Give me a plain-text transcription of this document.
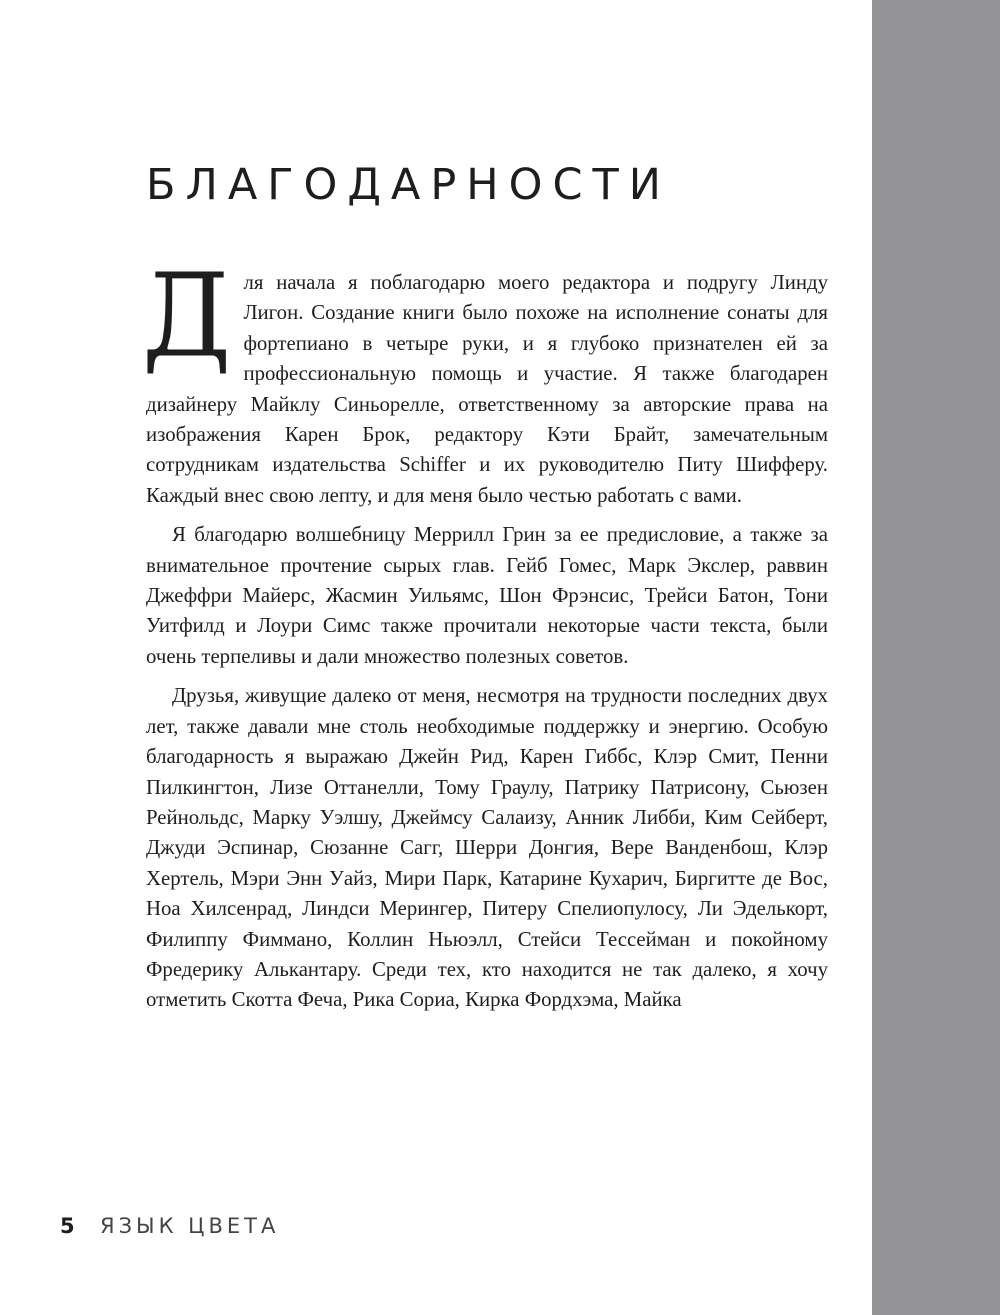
БЛАГОДАРНОСТИ

Для начала я поблагодарю моего редактора и подругу Линду Лигон. Создание книги было похоже на исполнение сонаты для фортепиано в четыре руки, и я глубоко признателен ей за профессиональную помощь и участие. Я также благодарен дизайнеру Майклу Синьорелле, ответственному за авторские права на изображения Карен Брок, редактору Кэти Брайт, замечательным сотрудникам издательства Schiffer и их руководителю Питу Шифферу. Каждый внес свою лепту, и для меня было честью работать с вами.

Я благодарю волшебницу Меррилл Грин за ее предисловие, а также за внимательное прочтение сырых глав. Гейб Гомес, Марк Экслер, раввин Джеффри Майерс, Жасмин Уильямс, Шон Фрэнсис, Трейси Батон, Тони Уитфилд и Лоури Симс также прочитали некоторые части текста, были очень терпеливы и дали множество полезных советов.

Друзья, живущие далеко от меня, несмотря на трудности последних двух лет, также давали мне столь необходимые поддержку и энергию. Особую благодарность я выражаю Джейн Рид, Карен Гиббс, Клэр Смит, Пенни Пилкингтон, Лизе Оттанелли, Тому Граулу, Патрику Патрисону, Сьюзен Рейнольдс, Марку Уэлшу, Джеймсу Салаизу, Анник Либби, Ким Сейберт, Джуди Эспинар, Сюзанне Сагг, Шерри Донгия, Вере Ванденбош, Клэр Хертель, Мэри Энн Уайз, Мири Парк, Катарине Кухарич, Биргитте де Вос, Ноа Хилсенрад, Линдси Мерингер, Питеру Спелиопулосу, Ли Эделькорт, Филиппу Фиммано, Коллин Ньюэлл, Стейси Тессейман и покойному Фредерику Алькантару. Среди тех, кто находится не так далеко, я хочу отметить Скотта Феча, Рика Сориа, Кирка Фордхэма, Майка

5 ЯЗЫК ЦВЕТА
